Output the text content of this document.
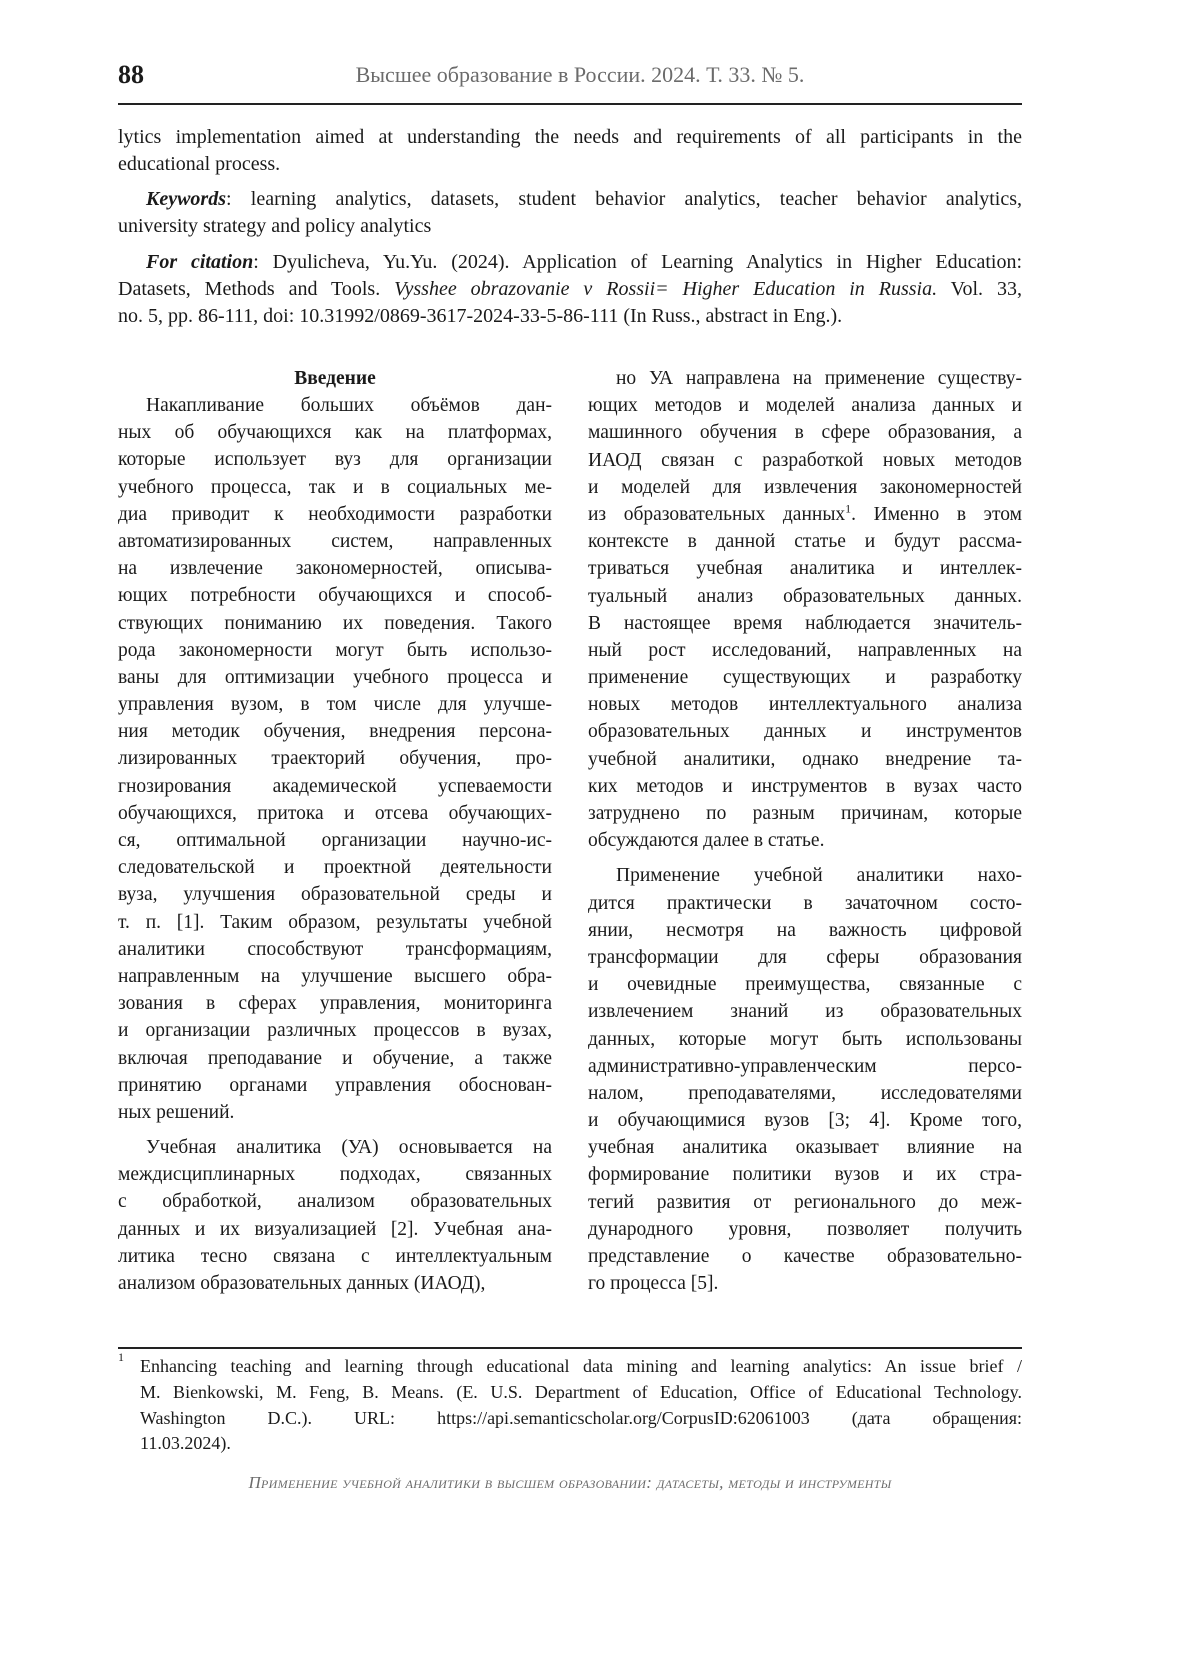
88	Высшее образование в России. 2024. Т. 33. № 5.
lytics implementation aimed at understanding the needs and requirements of all participants in the
educational process.
Keywords: learning analytics, datasets, student behavior analytics, teacher behavior analytics,
university strategy and policy analytics
For citation: Dyulicheva, Yu.Yu. (2024). Application of Learning Analytics in Higher Education:
Datasets, Methods and Tools. Vysshee obrazovanie v Rossii= Higher Education in Russia. Vol. 33,
no. 5, pp. 86-111, doi: 10.31992/0869-3617-2024-33-5-86-111 (In Russ., abstract in Eng.).
Введение
Накапливание больших объёмов дан-
ных об обучающихся как на платформах,
которые использует вуз для организации
учебного процесса, так и в социальных ме-
диа приводит к необходимости разработки
автоматизированных систем, направленных
на извлечение закономерностей, описыва-
ющих потребности обучающихся и способ-
ствующих пониманию их поведения. Такого
рода закономерности могут быть использо-
ваны для оптимизации учебного процесса и
управления вузом, в том числе для улучше-
ния методик обучения, внедрения персона-
лизированных траекторий обучения, про-
гнозирования академической успеваемости
обучающихся, притока и отсева обучающих-
ся, оптимальной организации научно-ис-
следовательской и проектной деятельности
вуза, улучшения образовательной среды и
т. п. [1]. Таким образом, результаты учебной
аналитики способствуют трансформациям,
направленным на улучшение высшего обра-
зования в сферах управления, мониторинга
и организации различных процессов в вузах,
включая преподавание и обучение, а также
принятию органами управления обоснован-
ных решений.
Учебная аналитика (УА) основывается на
междисциплинарных подходах, связанных
с обработкой, анализом образовательных
данных и их визуализацией [2]. Учебная ана-
литика тесно связана с интеллектуальным
анализом образовательных данных (ИАОД),
но УА направлена на применение существу-
ющих методов и моделей анализа данных и
машинного обучения в сфере образования, а
ИАОД связан с разработкой новых методов
и моделей для извлечения закономерностей
из образовательных данных$^1$. Именно в этом
контексте в данной статье и будут рассма-
триваться учебная аналитика и интеллек-
туальный анализ образовательных данных.
В настоящее время наблюдается значитель-
ный рост исследований, направленных на
применение существующих и разработку
новых методов интеллектуального анализа
образовательных данных и инструментов
учебной аналитики, однако внедрение та-
ких методов и инструментов в вузах часто
затруднено по разным причинам, которые
обсуждаются далее в статье.
Применение учебной аналитики нахо-
дится практически в зачаточном состо-
янии, несмотря на важность цифровой
трансформации для сферы образования
и очевидные преимущества, связанные с
извлечением знаний из образовательных
данных, которые могут быть использованы
административно-управленческим персо-
налом, преподавателями, исследователями
и обучающимися вузов [3; 4]. Кроме того,
учебная аналитика оказывает влияние на
формирование политики вузов и их стра-
тегий развития от регионального до меж-
дународного уровня, позволяет получить
представление о качестве образовательно-
го процесса [5].
1 Enhancing teaching and learning through educational data mining and learning analytics: An issue brief /
M. Bienkowski, M. Feng, B. Means. (E. U.S. Department of Education, Office of Educational Technology.
Washington D.C.). URL: https://api.semanticscholar.org/CorpusID:62061003 (дата обращения:
11.03.2024).
Применение учебной аналитики в высшем образовании: датасеты, методы и инструменты
